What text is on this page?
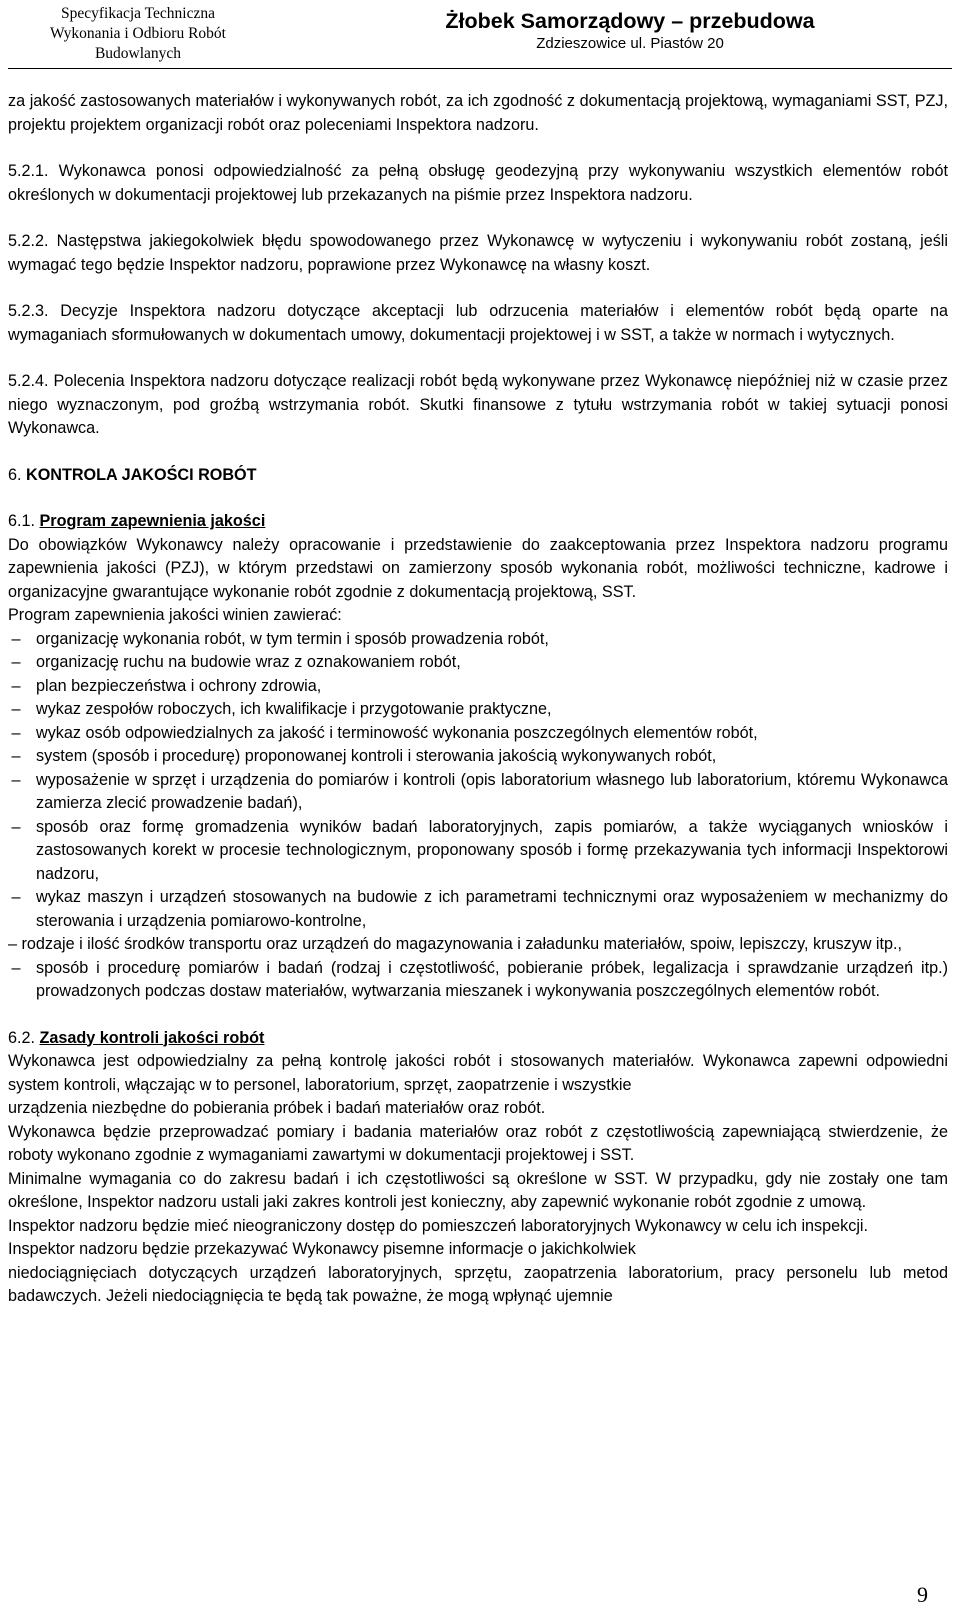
Specyfikacja Techniczna
Wykonania i Odbioru Robót
Budowlanych
Żłobek Samorządowy – przebudowa
Zdzieszowice ul. Piastów 20

za jakość zastosowanych materiałów i wykonywanych robót, za ich zgodność z dokumentacją projektową, wymaganiami SST, PZJ, projektu projektem organizacji robót oraz poleceniami Inspektora nadzoru.

5.2.1. Wykonawca ponosi odpowiedzialność za pełną obsługę geodezyjną przy wykonywaniu wszystkich elementów robót określonych w dokumentacji projektowej lub przekazanych na piśmie przez Inspektora nadzoru.

5.2.2. Następstwa jakiegokolwiek błędu spowodowanego przez Wykonawcę w wytyczeniu i wykonywaniu robót zostaną, jeśli wymagać tego będzie Inspektor nadzoru, poprawione przez Wykonawcę na własny koszt.

5.2.3. Decyzje Inspektora nadzoru dotyczące akceptacji lub odrzucenia materiałów i elementów robót będą oparte na wymaganiach sformułowanych w dokumentach umowy, dokumentacji projektowej i w SST, a także w normach i wytycznych.

5.2.4. Polecenia Inspektora nadzoru dotyczące realizacji robót będą wykonywane przez Wykonawcę niepóźniej niż w czasie przez niego wyznaczonym, pod groźbą wstrzymania robót. Skutki finansowe z tytułu wstrzymania robót w takiej sytuacji ponosi Wykonawca.

6. KONTROLA JAKOŚCI ROBÓT

6.1. Program zapewnienia jakości

Do obowiązków Wykonawcy należy opracowanie i przedstawienie do zaakceptowania przez Inspektora nadzoru programu zapewnienia jakości (PZJ), w którym przedstawi on zamierzony sposób wykonania robót, możliwości techniczne, kadrowe i organizacyjne gwarantujące wykonanie robót zgodnie z dokumentacją projektową, SST.

Program zapewnienia jakości winien zawierać:

– organizację wykonania robót, w tym termin i sposób prowadzenia robót,
– organizację ruchu na budowie wraz z oznakowaniem robót,
– plan bezpieczeństwa i ochrony zdrowia,
– wykaz zespołów roboczych, ich kwalifikacje i przygotowanie praktyczne,
– wykaz osób odpowiedzialnych za jakość i terminowość wykonania poszczególnych elementów robót,
– system (sposób i procedurę) proponowanej kontroli i sterowania jakością wykonywanych robót,
– wyposażenie w sprzęt i urządzenia do pomiarów i kontroli (opis laboratorium własnego lub laboratorium, któremu Wykonawca zamierza zlecić prowadzenie badań),
– sposób oraz formę gromadzenia wyników badań laboratoryjnych, zapis pomiarów, a także wyciąganych wniosków i zastosowanych korekt w procesie technologicznym, proponowany sposób i formę przekazywania tych informacji Inspektorowi nadzoru,
– wykaz maszyn i urządzeń stosowanych na budowie z ich parametrami technicznymi oraz wyposażeniem w mechanizmy do sterowania i urządzenia pomiarowo-kontrolne,
– rodzaje i ilość środków transportu oraz urządzeń do magazynowania i załadunku materiałów, spoiw, lepiszczy, kruszyw itp.,
– sposób i procedurę pomiarów i badań (rodzaj i częstotliwość, pobieranie próbek, legalizacja i sprawdzanie urządzeń itp.) prowadzonych podczas dostaw materiałów, wytwarzania mieszanek i wykonywania poszczególnych elementów robót.

6.2. Zasady kontroli jakości robót

Wykonawca jest odpowiedzialny za pełną kontrolę jakości robót i stosowanych materiałów. Wykonawca zapewni odpowiedni system kontroli, włączając w to personel, laboratorium, sprzęt, zaopatrzenie i wszystkie

urządzenia niezbędne do pobierania próbek i badań materiałów oraz robót.

Wykonawca będzie przeprowadzać pomiary i badania materiałów oraz robót z częstotliwością zapewniającą stwierdzenie, że roboty wykonano zgodnie z wymaganiami zawartymi w dokumentacji projektowej i SST.

Minimalne wymagania co do zakresu badań i ich częstotliwości są określone w SST. W przypadku, gdy nie zostały one tam określone, Inspektor nadzoru ustali jaki zakres kontroli jest konieczny, aby zapewnić wykonanie robót zgodnie z umową.

Inspektor nadzoru będzie mieć nieograniczony dostęp do pomieszczeń laboratoryjnych Wykonawcy w celu ich inspekcji.

Inspektor nadzoru będzie przekazywać Wykonawcy pisemne informacje o jakichkolwiek

niedociągnięciach dotyczących urządzeń laboratoryjnych, sprzętu, zaopatrzenia laboratorium, pracy personelu lub metod badawczych. Jeżeli niedociągnięcia te będą tak poważne, że mogą wpłynąć ujemnie

9
